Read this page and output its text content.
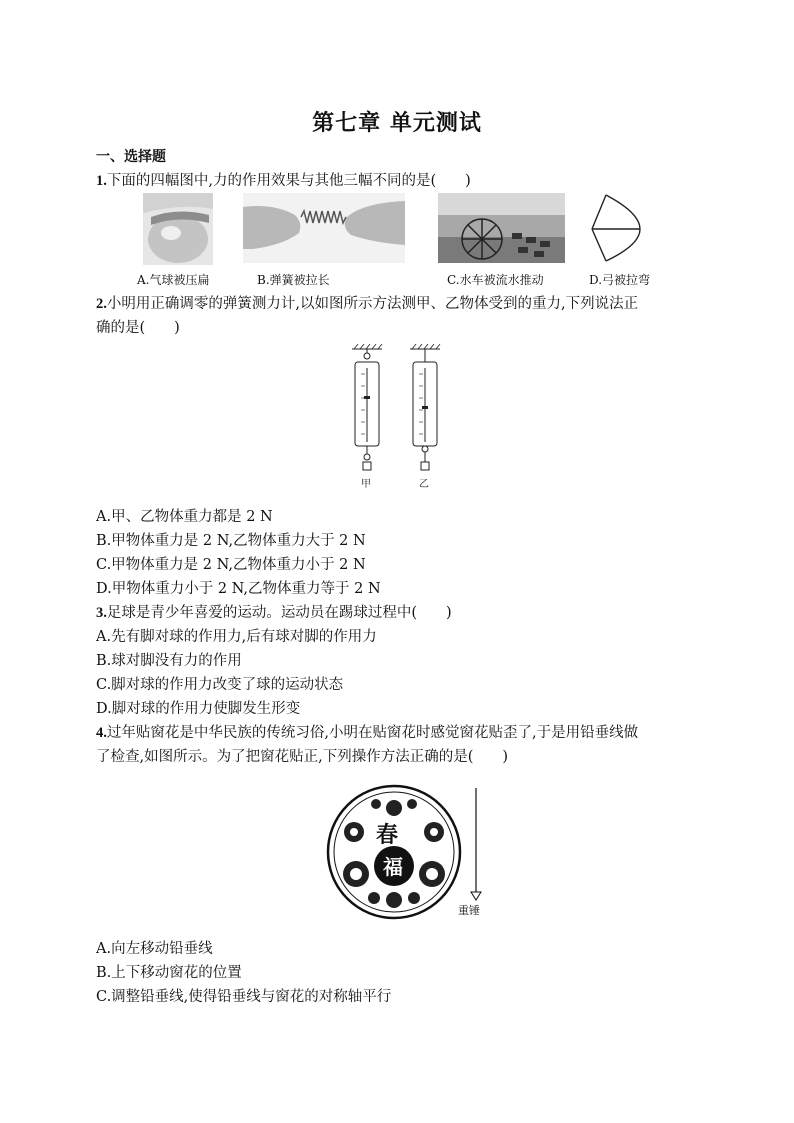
第七章 单元测试
一、选择题
1.下面的四幅图中,力的作用效果与其他三幅不同的是(　　)
A.气球被压扁	B.弹簧被拉长	C.水车被流水推动	D.弓被拉弯
2.小明用正确调零的弹簧测力计,以如图所示方法测甲、乙物体受到的重力,下列说法正
确的是(　　)
甲	乙
A.甲、乙物体重力都是 2 N
B.甲物体重力是 2 N,乙物体重力大于 2 N
C.甲物体重力是 2 N,乙物体重力小于 2 N
D.甲物体重力小于 2 N,乙物体重力等于 2 N
3.足球是青少年喜爱的运动。运动员在踢球过程中(　　)
A.先有脚对球的作用力,后有球对脚的作用力
B.球对脚没有力的作用
C.脚对球的作用力改变了球的运动状态
D.脚对球的作用力使脚发生形变
4.过年贴窗花是中华民族的传统习俗,小明在贴窗花时感觉窗花贴歪了,于是用铅垂线做
了检查,如图所示。为了把窗花贴正,下列操作方法正确的是(　　)
春
福
重锤
A.向左移动铅垂线
B.上下移动窗花的位置
C.调整铅垂线,使得铅垂线与窗花的对称轴平行
